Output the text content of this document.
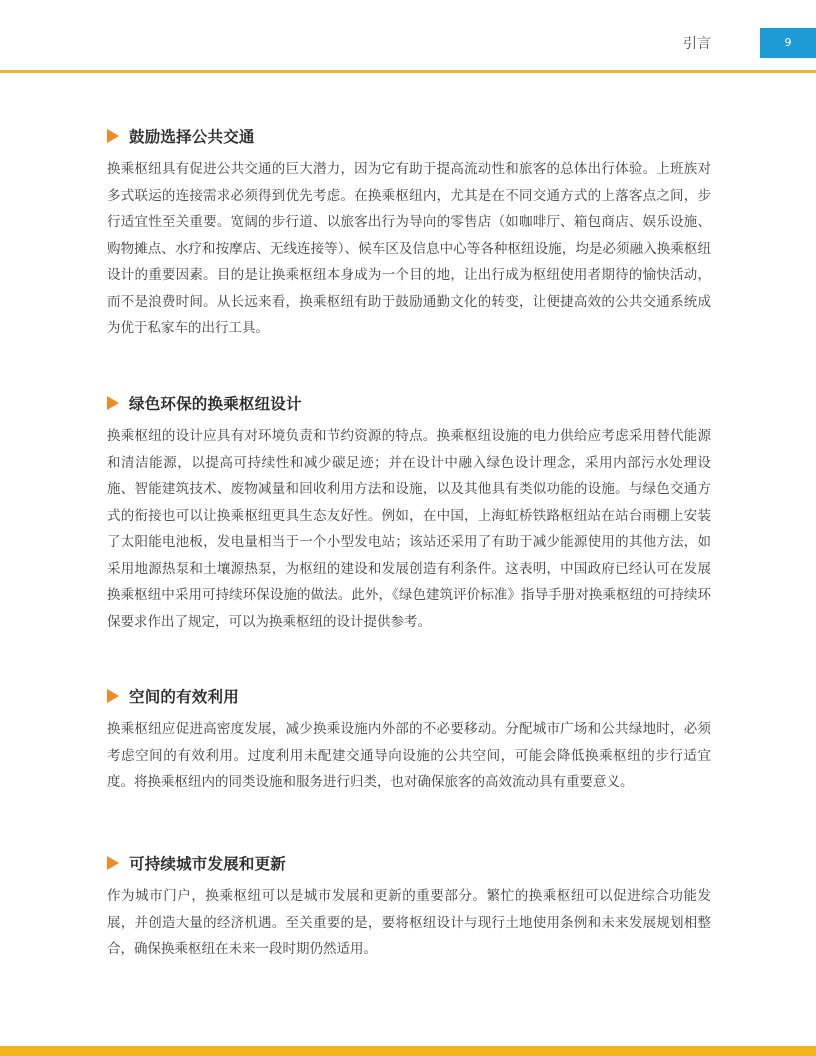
引言	9
鼓励选择公共交通

换乘枢纽具有促进公共交通的巨大潜力，因为它有助于提高流动性和旅客的总体出行体验。上班族对多式联运的连接需求必须得到优先考虑。在换乘枢纽内，尤其是在不同交通方式的上落客点之间，步行适宜性至关重要。宽阔的步行道、以旅客出行为导向的零售店（如咖啡厅、箱包商店、娱乐设施、购物摊点、水疗和按摩店、无线连接等）、候车区及信息中心等各种枢纽设施，均是必须融入换乘枢纽设计的重要因素。目的是让换乘枢纽本身成为一个目的地，让出行成为枢纽使用者期待的愉快活动，而不是浪费时间。从长远来看，换乘枢纽有助于鼓励通勤文化的转变，让便捷高效的公共交通系统成为优于私家车的出行工具。

绿色环保的换乘枢纽设计

换乘枢纽的设计应具有对环境负责和节约资源的特点。换乘枢纽设施的电力供给应考虑采用替代能源和清洁能源，以提高可持续性和减少碳足迹；并在设计中融入绿色设计理念，采用内部污水处理设施、智能建筑技术、废物减量和回收利用方法和设施，以及其他具有类似功能的设施。与绿色交通方式的衔接也可以让换乘枢纽更具生态友好性。例如，在中国，上海虹桥铁路枢纽站在站台雨棚上安装了太阳能电池板，发电量相当于一个小型发电站；该站还采用了有助于减少能源使用的其他方法，如采用地源热泵和土壤源热泵，为枢纽的建设和发展创造有利条件。这表明，中国政府已经认可在发展换乘枢纽中采用可持续环保设施的做法。此外，《绿色建筑评价标准》指导手册对换乘枢纽的可持续环保要求作出了规定，可以为换乘枢纽的设计提供参考。

空间的有效利用

换乘枢纽应促进高密度发展，减少换乘设施内外部的不必要移动。分配城市广场和公共绿地时，必须考虑空间的有效利用。过度利用未配建交通导向设施的公共空间，可能会降低换乘枢纽的步行适宜度。将换乘枢纽内的同类设施和服务进行归类，也对确保旅客的高效流动具有重要意义。

可持续城市发展和更新

作为城市门户，换乘枢纽可以是城市发展和更新的重要部分。繁忙的换乘枢纽可以促进综合功能发展，并创造大量的经济机遇。至关重要的是，要将枢纽设计与现行土地使用条例和未来发展规划相整合，确保换乘枢纽在未来一段时期仍然适用。
